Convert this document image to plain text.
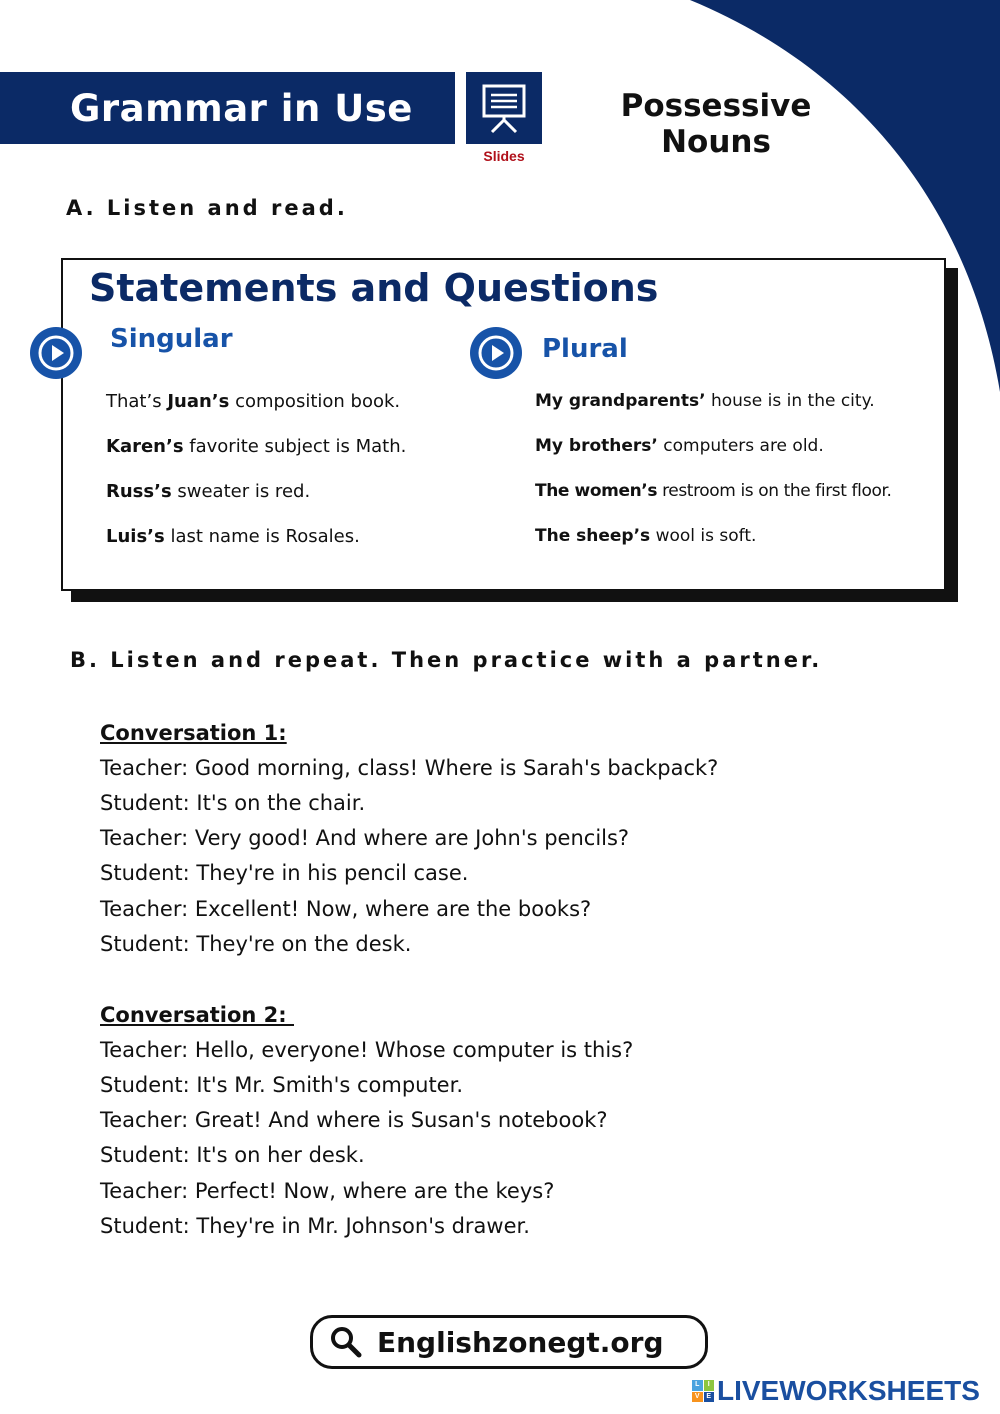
Grammar in Use
Slides
Possessive
Nouns
A. Listen and read.
Statements and Questions
Singular	Plural
That’s Juan’s composition book.
Karen’s favorite subject is Math.
Russ’s sweater is red.
Luis’s last name is Rosales.
My grandparents’ house is in the city.
My brothers’ computers are old.
The women’s restroom is on the first floor.
The sheep’s wool is soft.
B. Listen and repeat. Then practice with a partner.
Conversation 1:
Teacher: Good morning, class! Where is Sarah's backpack?
Student: It's on the chair.
Teacher: Very good! And where are John's pencils?
Student: They're in his pencil case.
Teacher: Excellent! Now, where are the books?
Student: They're on the desk.
Conversation 2:
Teacher: Hello, everyone! Whose computer is this?
Student: It's Mr. Smith's computer.
Teacher: Great! And where is Susan's notebook?
Student: It's on her desk.
Teacher: Perfect! Now, where are the keys?
Student: They're in Mr. Johnson's drawer.
Englishzonegt.org
L	I
V E LIVEWORKSHEETS
